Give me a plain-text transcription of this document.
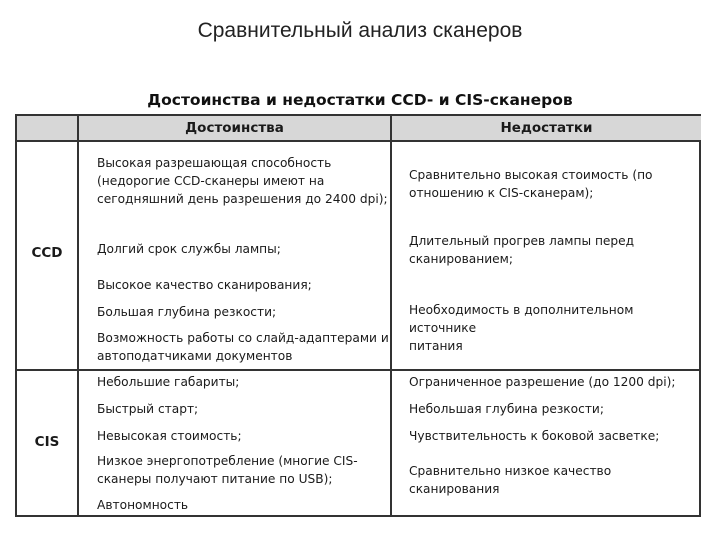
Сравнительный анализ сканеров
Достоинства и недостатки CCD- и CIS-сканеров
Достоинства	Недостатки
CCD
Высокая разрешающая способность
(недорогие CCD-сканеры имеют на
сегодняшний день разрешения до 2400 dpi);
Долгий срок службы лампы;
Высокое качество сканирования;
Большая глубина резкости;
Возможность работы со слайд-адаптерами и
автоподатчиками документов
Сравнительно высокая стоимость (по
отношению к CIS-сканерам);
Длительный прогрев лампы перед
сканированием;
Необходимость в дополнительном источнике
питания
CIS
Небольшие габариты;
Быстрый старт;
Невысокая стоимость;
Низкое энергопотребление (многие CIS-
сканеры получают питание по USB);
Автономность
Ограниченное разрешение (до 1200 dpi);
Небольшая глубина резкости;
Чувствительность к боковой засветке;
Сравнительно низкое качество
сканирования
